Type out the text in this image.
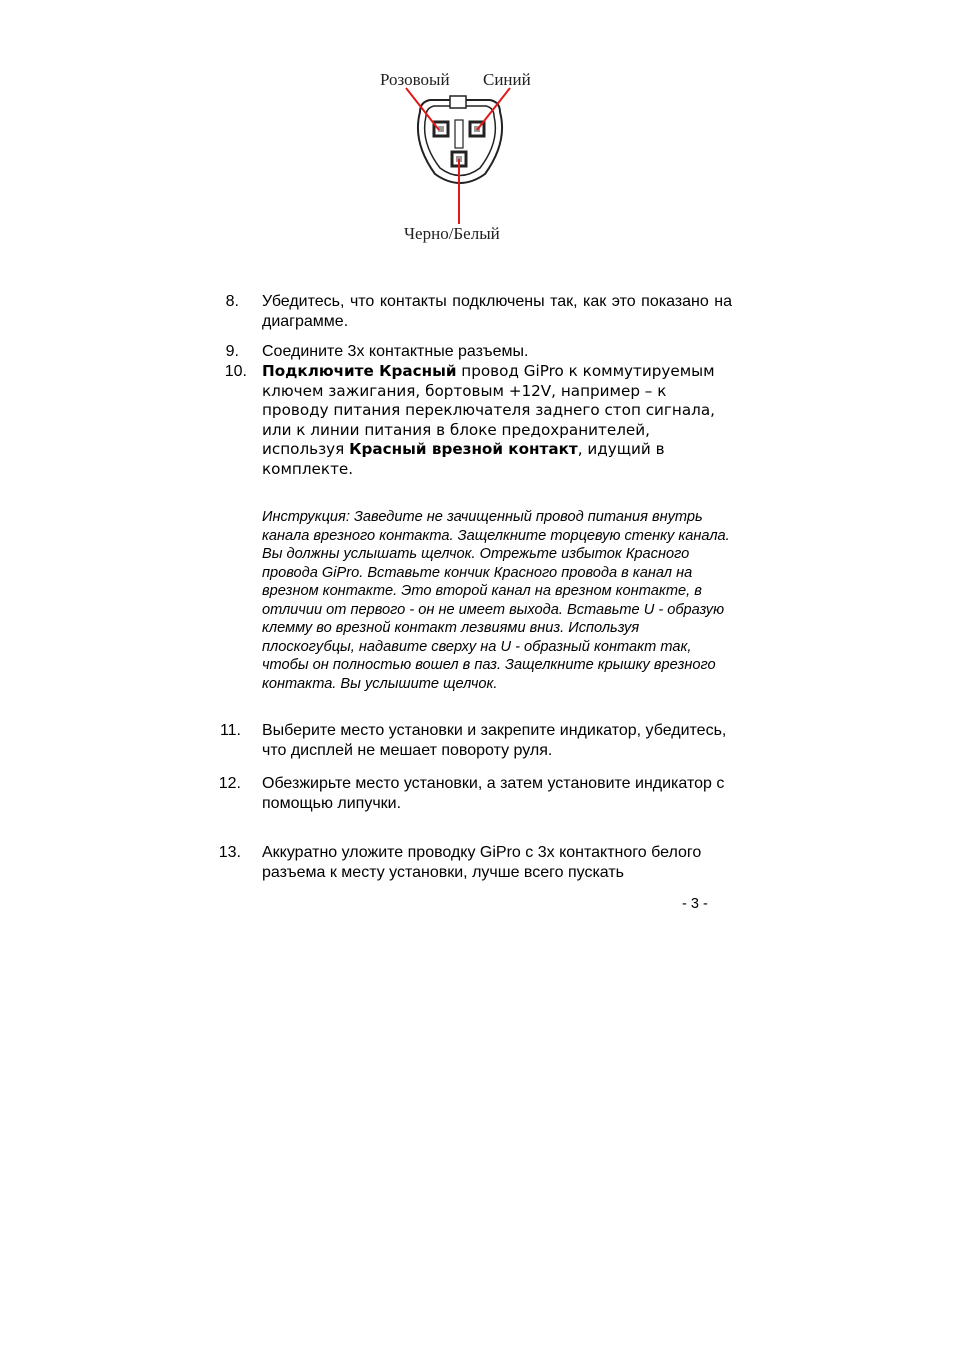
Розовоый Синий
Черно/Белый
8. Убедитесь, что контакты подключены так, как это показано на диаграмме.
9. Соедините 3х контактные разъемы.
10. Подключите Красный провод GiPro к коммутируемым ключем зажигания, бортовым +12V, например – к проводу питания переключателя заднего стоп сигнала, или к линии питания в блоке предохранителей, используя Красный врезной контакт, идущий в комплекте.
Инструкция: Заведите не зачищенный провод питания внутрь канала врезного контакта. Защелкните торцевую стенку канала. Вы должны услышать щелчок. Отрежьте избыток Красного провода GiPro. Вставьте кончик Красного провода в канал на врезном контакте. Это второй канал на врезном контакте, в отличии от первого - он не имеет выхода. Вставьте U - образую клемму во врезной контакт лезвиями вниз. Используя плоскогубцы, надавите сверху на U - образный контакт так, чтобы он полностью вошел в паз. Защелкните крышку врезного контакта. Вы услышите щелчок.
11. Выберите место установки и закрепите индикатор, убедитесь, что дисплей не мешает повороту руля.
12. Обезжирьте место установки, а затем установите индикатор с помощью липучки.
13. Аккуратно уложите проводку GiPro с 3х контактного белого разъема к месту установки, лучше всего пускать
- 3 -
